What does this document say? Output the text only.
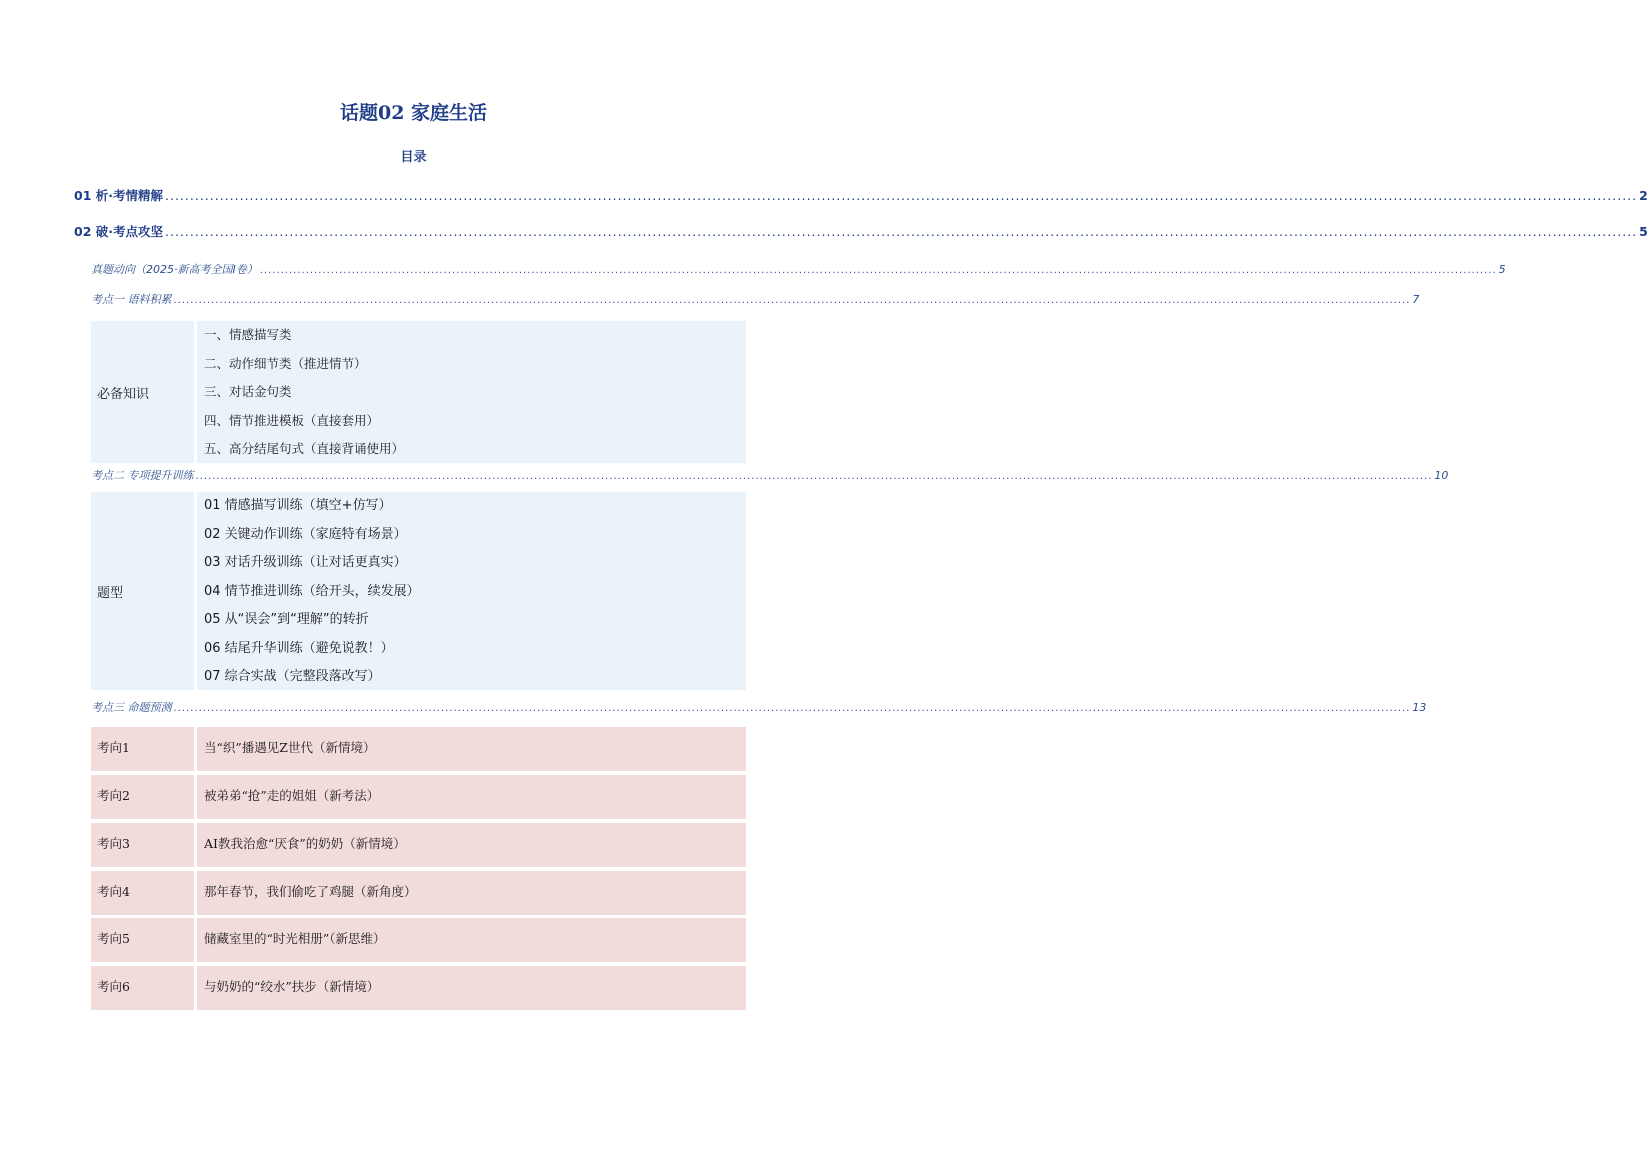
话题02 家庭生活
目录
01 析·考情精解 ........................................................................................................................................................................................................................................................................................................ 2
02 破·考点攻坚 ........................................................................................................................................................................................................................................................................................................ 5
真题动向（2025·新高考全国Ⅰ卷） ........................................................................................................................................................................................................................................................................................................ 5
考点一 语料积累 ........................................................................................................................................................................................................................................................................................................ 7
必备知识
一、情感描写类
二、动作细节类（推进情节）
三、对话金句类
四、情节推进模板（直接套用）
五、高分结尾句式（直接背诵使用）
考点二 专项提升训练 ........................................................................................................................................................................................................................................................................................................ 10
题型
01 情感描写训练（填空+仿写）
02 关键动作训练（家庭特有场景）
03 对话升级训练（让对话更真实）
04 情节推进训练（给开头，续发展）
05 从“误会”到“理解”的转折
06 结尾升华训练（避免说教！）
07 综合实战（完整段落改写）
考点三 命题预测 ........................................................................................................................................................................................................................................................................................................ 13
考向1	当“织”播遇见Z世代（新情境）
考向2	被弟弟“抢”走的姐姐（新考法）
考向3	AI教我治愈“厌食”的奶奶（新情境）
考向4	那年春节，我们偷吃了鸡腿（新角度）
考向5	储藏室里的“时光相册”（新思维）
考向6	与奶奶的“绞水”扶步（新情境）
